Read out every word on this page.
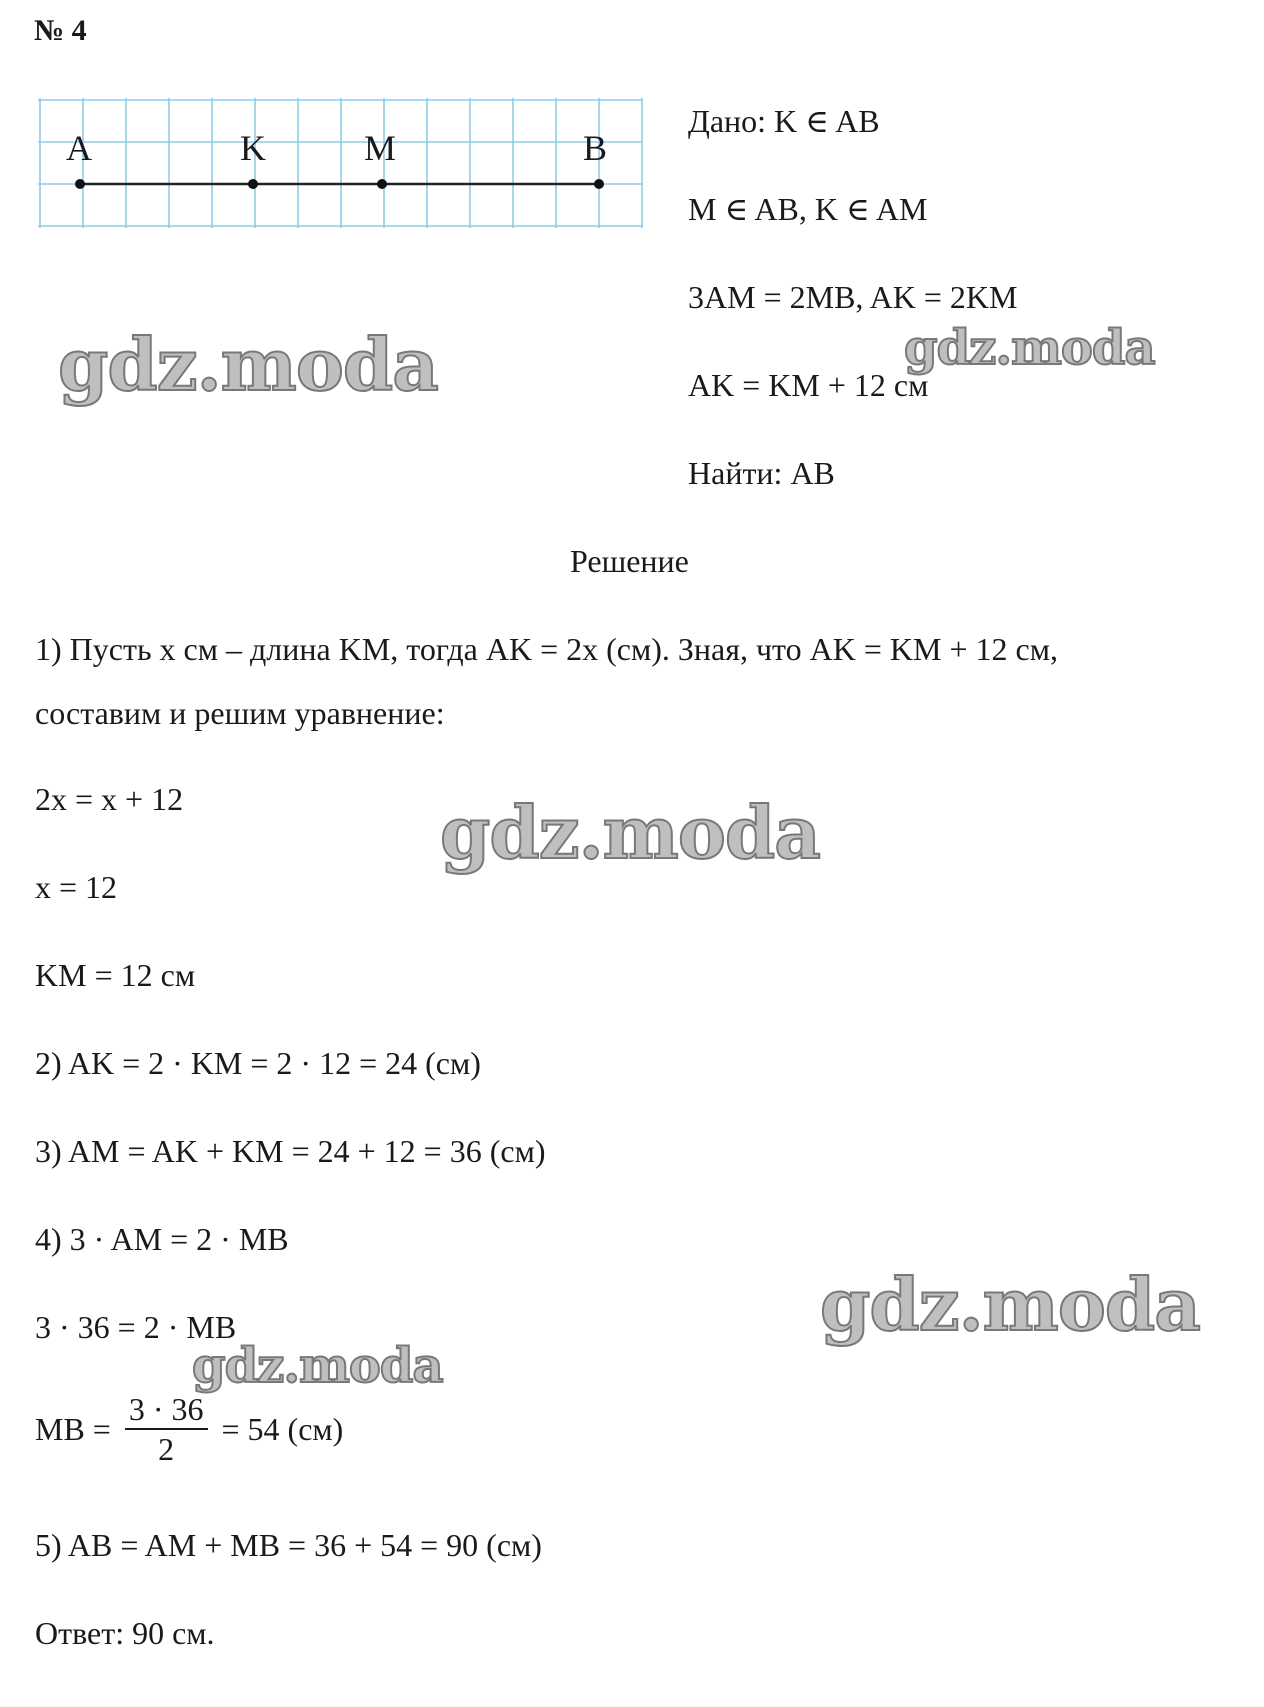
№ 4
A	K	M	B
Дано: K ∈ AB
M ∈ AB, K ∈ AM
3AM = 2MB, AK = 2KM
AK = KM + 12 см
Найти: AB
Решение
1) Пусть x см – длина KM, тогда AK = 2x (см). Зная, что AK = KM + 12 см,
составим и решим уравнение:
2x = x + 12
x = 12
KM = 12 см
2) AK = 2 · KM = 2 · 12 = 24 (см)
3) AM = AK + KM = 24 + 12 = 36 (см)
4) 3 · AM = 2 · MB
3 · 36 = 2 · MB
MB = $\frac{3 \cdot 36}{2} = 54$ (см)
5) AB = AM + MB = 36 + 54 = 90 (см)
Ответ: 90 см.
gdz.moda	gdz.moda
gdz.moda
gdz.moda
gdz.moda
